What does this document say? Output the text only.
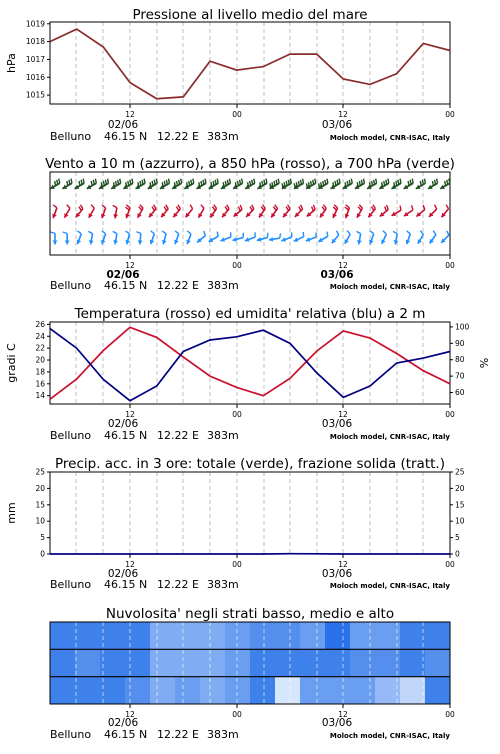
Pressione al livello medio del mare
1015
1016
1017
1018
1019
hPa
12	00	12	00
02/06	03/06
Belluno 46.15 N 12.22 E 383m	Moloch model, CNR-ISAC, Italy
Vento a 10 m (azzurro), a 850 hPa (rosso), a 700 hPa (verde)
12	00	12	00
02/06	03/06
Belluno 46.15 N 12.22 E 383m	Moloch model, CNR-ISAC, Italy
Temperatura (rosso) ed umidita' relativa (blu) a 2 m
14
16
18
20
22
24
26
60
70
80
90
100
gradi C	%
12	00	12	00
02/06	03/06
Belluno 46.15 N 12.22 E 383m	Moloch model, CNR-ISAC, Italy
Precip. acc. in 3 ore: totale (verde), frazione solida (tratt.)
0
5
10
15
20
25
0
5
10
15
20
25
mm
12	00	12	00
02/06	03/06
Belluno 46.15 N 12.22 E 383m	Moloch model, CNR-ISAC, Italy
Nuvolosita' negli strati basso, medio e alto
12	00	12	00
02/06	03/06
Belluno 46.15 N 12.22 E 383m	Moloch model, CNR-ISAC, Italy
